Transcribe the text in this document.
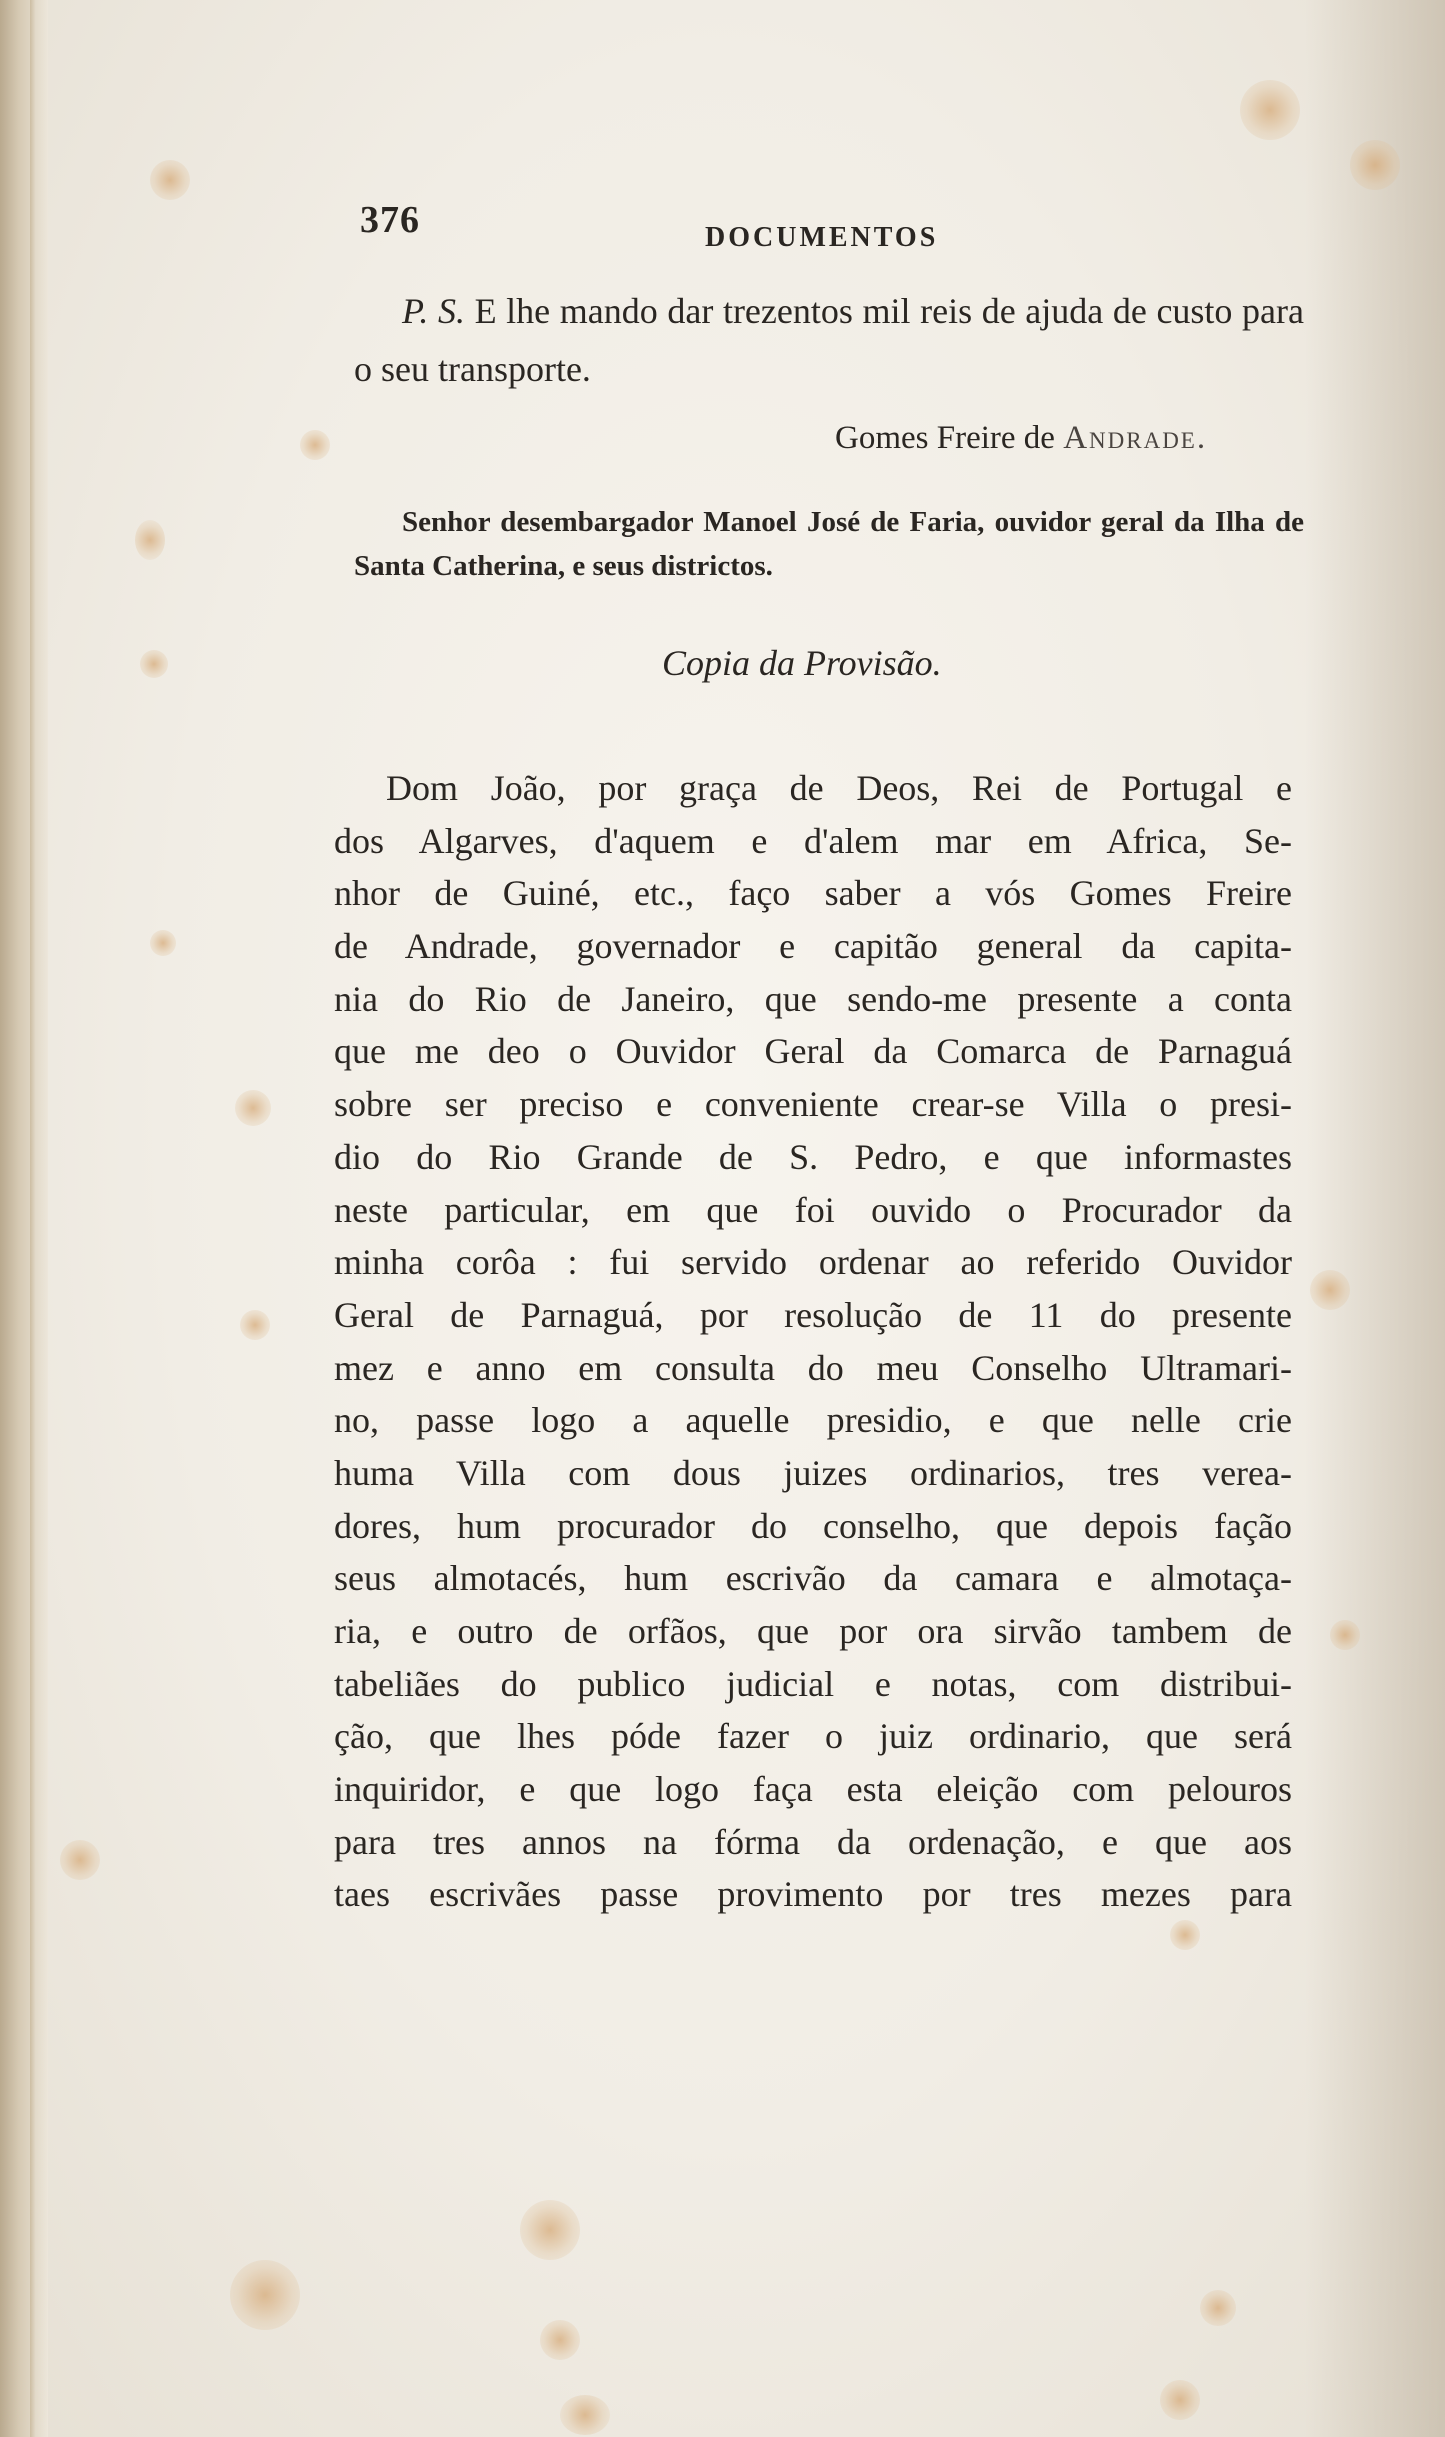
376	DOCUMENTOS

P. S. E lhe mando dar trezentos mil reis de ajuda de custo para o seu transporte.

Gomes Freire de Andrade.

Senhor desembargador Manoel José de Faria, ouvidor geral da Ilha de Santa Catherina, e seus districtos.

Copia da Provisão.
Dom João, por graça de Deos, Rei de Portugal e
dos Algarves, d'aquem e d'alem mar em Africa, Se-
nhor de Guiné, etc., faço saber a vós Gomes Freire
de Andrade, governador e capitão general da capita-
nia do Rio de Janeiro, que sendo-me presente a conta
que me deo o Ouvidor Geral da Comarca de Parnaguá
sobre ser preciso e conveniente crear-se Villa o presi-
dio do Rio Grande de S. Pedro, e que informastes
neste particular, em que foi ouvido o Procurador da
minha corôa : fui servido ordenar ao referido Ouvidor
Geral de Parnaguá, por resolução de 11 do presente
mez e anno em consulta do meu Conselho Ultramari-
no, passe logo a aquelle presidio, e que nelle crie
huma Villa com dous juizes ordinarios, tres verea-
dores, hum procurador do conselho, que depois fação
seus almotacés, hum escrivão da camara e almotaça-
ria, e outro de orfãos, que por ora sirvão tambem de
tabeliães do publico judicial e notas, com distribui-
ção, que lhes póde fazer o juiz ordinario, que será
inquiridor, e que logo faça esta eleição com pelouros
para tres annos na fórma da ordenação, e que aos
taes escrivães passe provimento por tres mezes para
